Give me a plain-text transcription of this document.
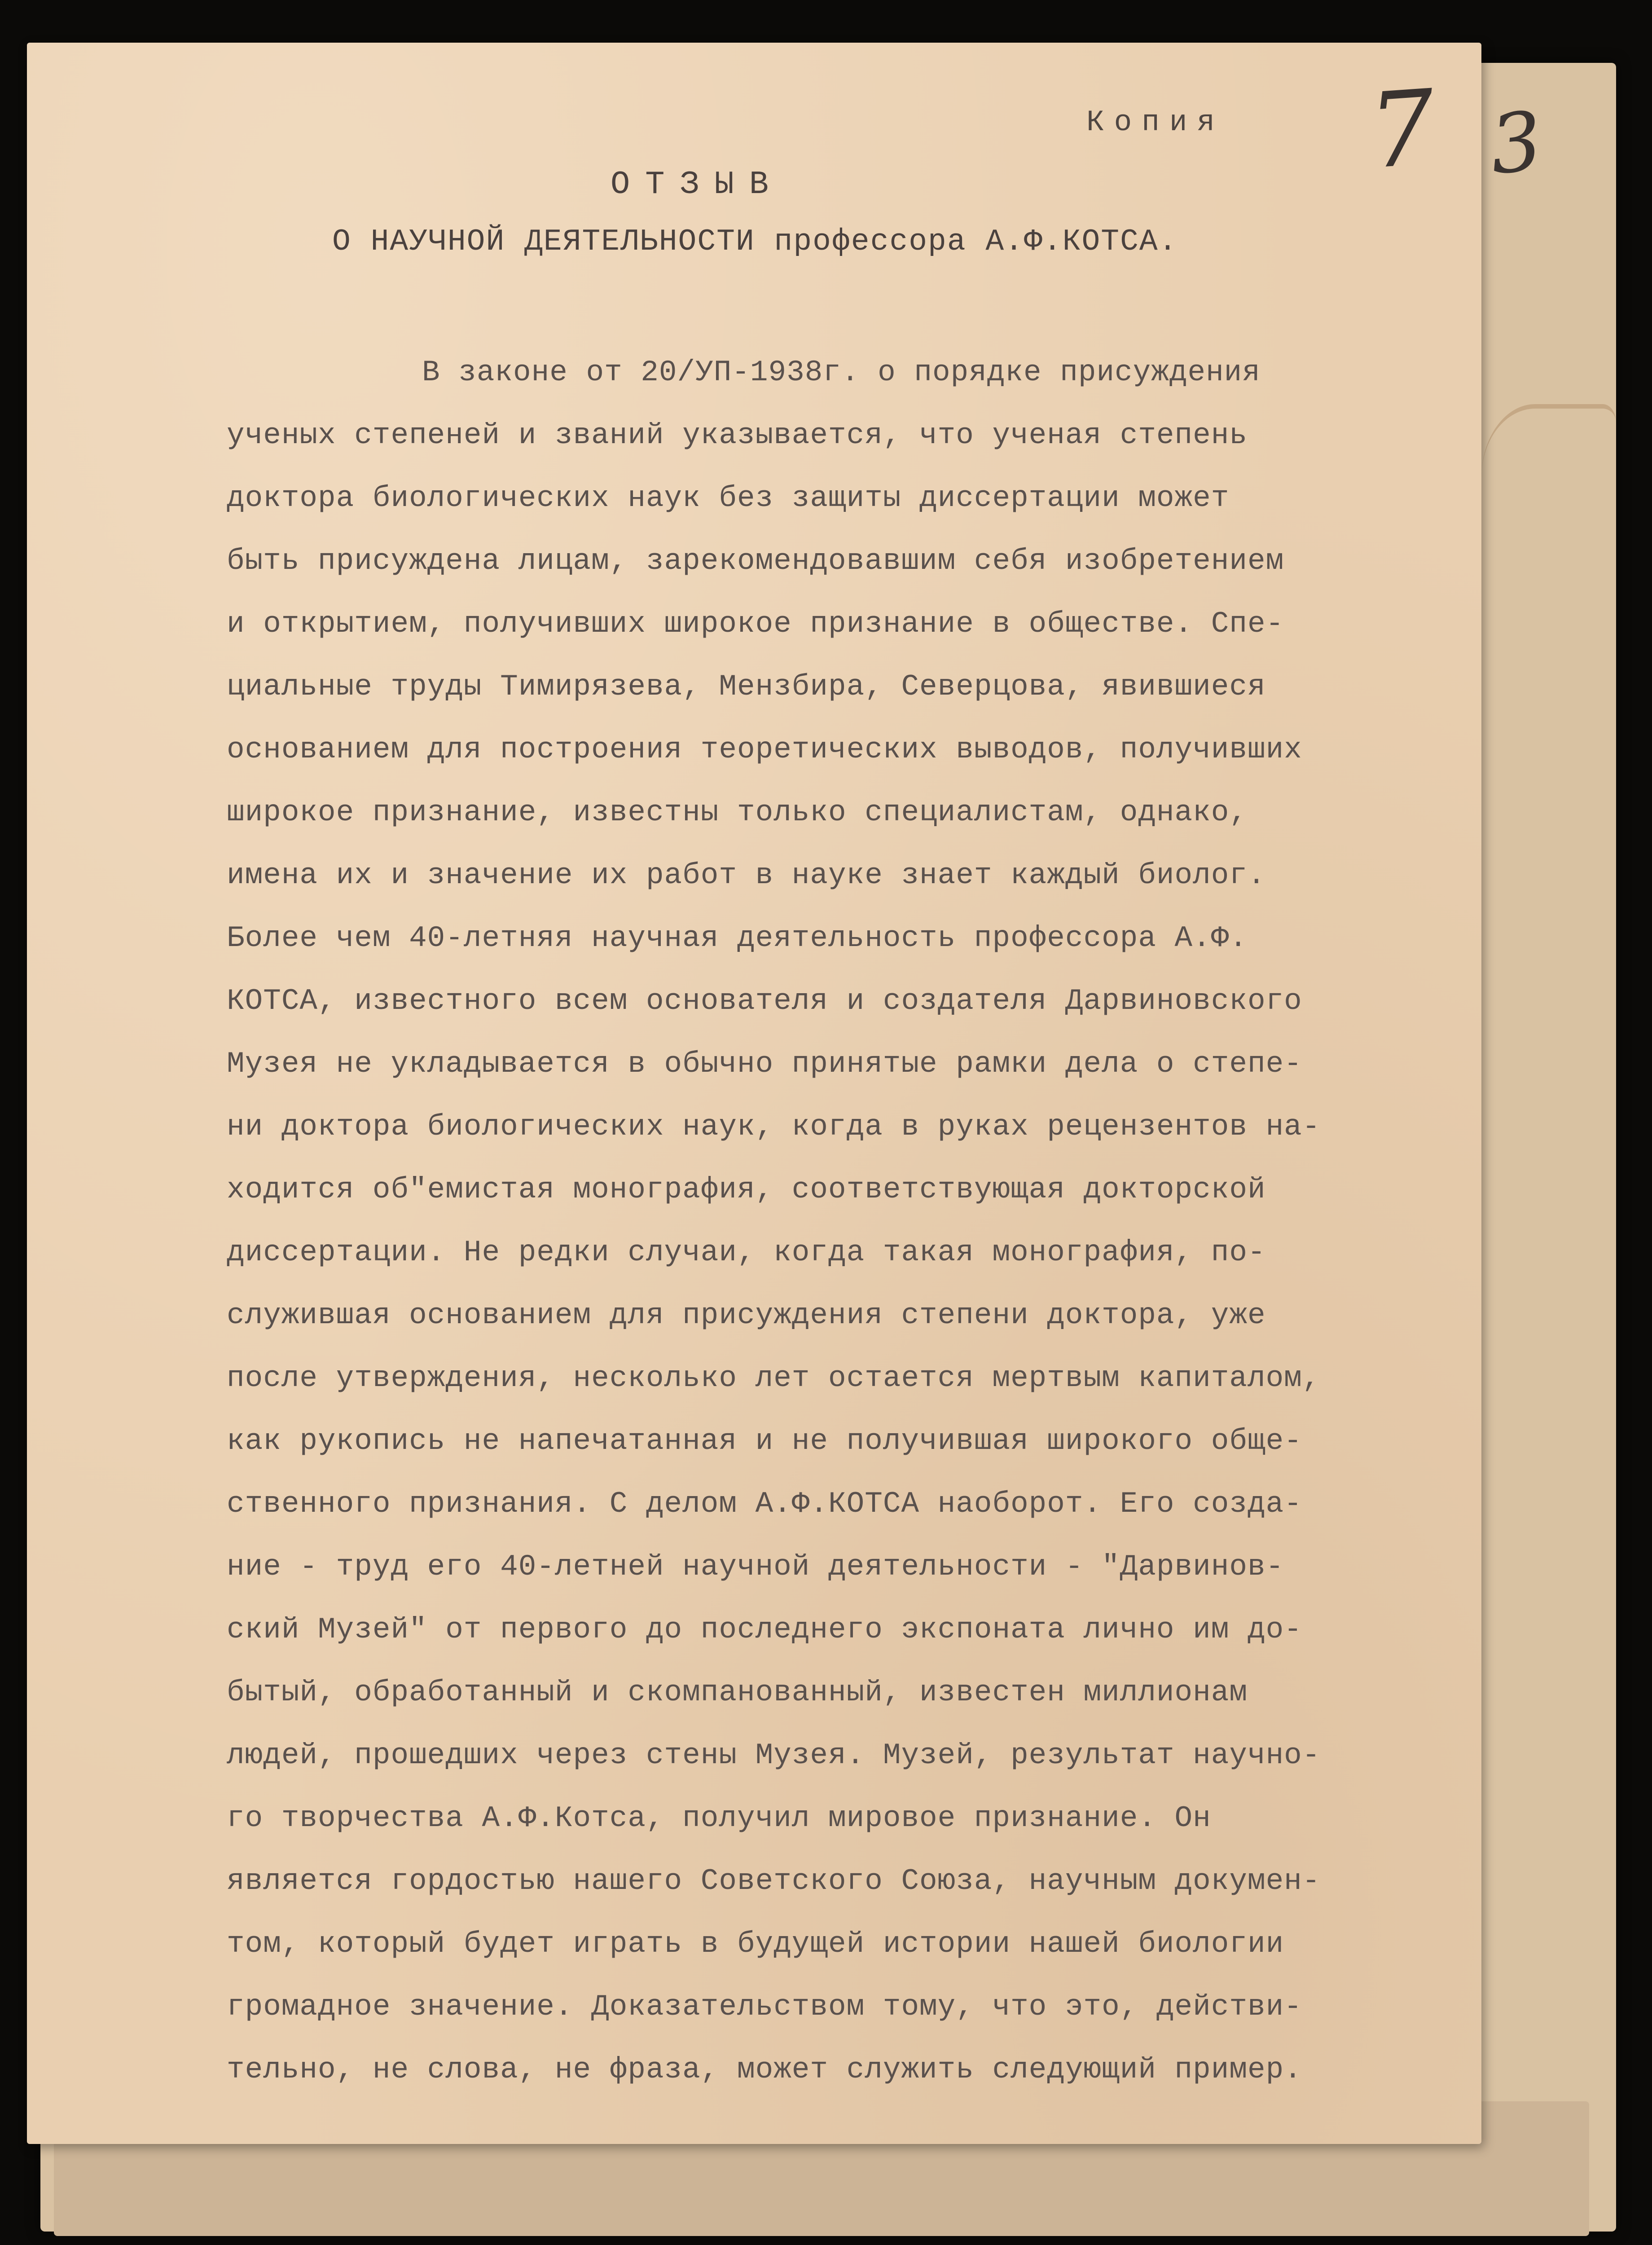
Копия 7 3
ОТЗЫВ
О НАУЧНОЙ ДЕЯТЕЛЬНОСТИ профессора А.Ф.КОТСА.
В законе от 20/УП-1938г. о порядке присуждения
ученых степеней и званий указывается, что ученая степень
доктора биологических наук без защиты диссертации может
быть присуждена лицам, зарекомендовавшим себя изобретением
и открытием, получивших широкое признание в обществе. Спе-
циальные труды Тимирязева, Мензбира, Северцова, явившиеся
основанием для построения теоретических выводов, получивших
широкое признание, известны только специалистам, однако,
имена их и значение их работ в науке знает каждый биолог.
Более чем 40-летняя научная деятельность профессора А.Ф.
КОТСА, известного всем основателя и создателя Дарвиновского
Музея не укладывается в обычно принятые рамки дела о степе-
ни доктора биологических наук, когда в руках рецензентов на-
ходится об"емистая монография, соответствующая докторской
диссертации. Не редки случаи, когда такая монография, по-
служившая основанием для присуждения степени доктора, уже
после утверждения, несколько лет остается мертвым капиталом,
как рукопись не напечатанная и не получившая широкого обще-
ственного признания. С делом А.Ф.КОТСА наоборот. Его созда-
ние - труд его 40-летней научной деятельности - "Дарвинов-
ский Музей" от первого до последнего экспоната лично им до-
бытый, обработанный и скомпанованный, известен миллионам
людей, прошедших через стены Музея. Музей, результат научно-
го творчества А.Ф.Котса, получил мировое признание. Он
является гордостью нашего Советского Союза, научным докумен-
том, который будет играть в будущей истории нашей биологии
громадное значение. Доказательством тому, что это, действи-
тельно, не слова, не фраза, может служить следующий пример.
